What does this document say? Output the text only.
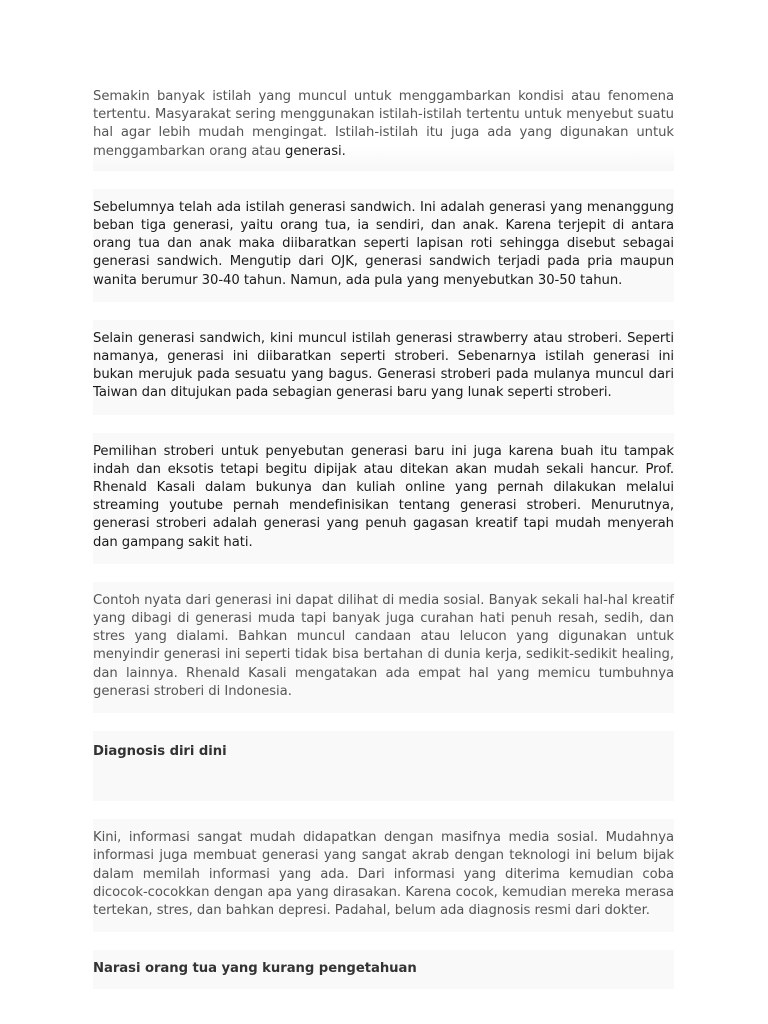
Semakin banyak istilah yang muncul untuk menggambarkan kondisi atau fenomena tertentu. Masyarakat sering menggunakan istilah-istilah tertentu untuk menyebut suatu hal agar lebih mudah mengingat. Istilah-istilah itu juga ada yang digunakan untuk menggambarkan orang atau generasi.

Sebelumnya telah ada istilah generasi sandwich. Ini adalah generasi yang menanggung beban tiga generasi, yaitu orang tua, ia sendiri, dan anak. Karena terjepit di antara orang tua dan anak maka diibaratkan seperti lapisan roti sehingga disebut sebagai generasi sandwich. Mengutip dari OJK, generasi sandwich terjadi pada pria maupun wanita berumur 30-40 tahun. Namun, ada pula yang menyebutkan 30-50 tahun.

Selain generasi sandwich, kini muncul istilah generasi strawberry atau stroberi. Seperti namanya, generasi ini diibaratkan seperti stroberi. Sebenarnya istilah generasi ini bukan merujuk pada sesuatu yang bagus. Generasi stroberi pada mulanya muncul dari Taiwan dan ditujukan pada sebagian generasi baru yang lunak seperti stroberi.

Pemilihan stroberi untuk penyebutan generasi baru ini juga karena buah itu tampak indah dan eksotis tetapi begitu dipijak atau ditekan akan mudah sekali hancur. Prof. Rhenald Kasali dalam bukunya dan kuliah online yang pernah dilakukan melalui streaming youtube pernah mendefinisikan tentang generasi stroberi. Menurutnya, generasi stroberi adalah generasi yang penuh gagasan kreatif tapi mudah menyerah dan gampang sakit hati.

Contoh nyata dari generasi ini dapat dilihat di media sosial. Banyak sekali hal-hal kreatif yang dibagi di generasi muda tapi banyak juga curahan hati penuh resah, sedih, dan stres yang dialami. Bahkan muncul candaan atau lelucon yang digunakan untuk menyindir generasi ini seperti tidak bisa bertahan di dunia kerja, sedikit-sedikit healing, dan lainnya. Rhenald Kasali mengatakan ada empat hal yang memicu tumbuhnya generasi stroberi di Indonesia.

Diagnosis diri dini

Kini, informasi sangat mudah didapatkan dengan masifnya media sosial. Mudahnya informasi juga membuat generasi yang sangat akrab dengan teknologi ini belum bijak dalam memilah informasi yang ada. Dari informasi yang diterima kemudian coba dicocok-cocokkan dengan apa yang dirasakan. Karena cocok, kemudian mereka merasa tertekan, stres, dan bahkan depresi. Padahal, belum ada diagnosis resmi dari dokter.

Narasi orang tua yang kurang pengetahuan
